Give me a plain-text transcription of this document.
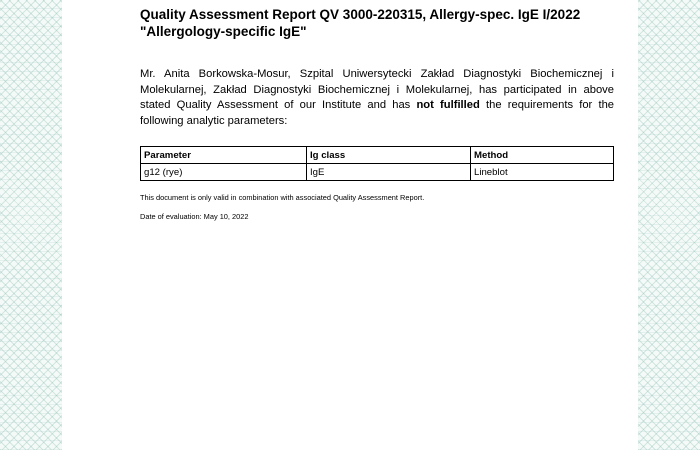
Quality Assessment Report QV 3000-220315, Allergy-spec. IgE I/2022
"Allergology-specific IgE"

Mr. Anita Borkowska-Mosur, Szpital Uniwersytecki Zakład Diagnostyki Biochemicznej i Molekularnej, Zakład Diagnostyki Biochemicznej i Molekularnej, has participated in above stated Quality Assessment of our Institute and has not fulfilled the requirements for the following analytic parameters:

Parameter	Ig class	Method
g12 (rye)	IgE	Lineblot

This document is only valid in combination with associated Quality Assessment Report.

Date of evaluation: May 10, 2022
